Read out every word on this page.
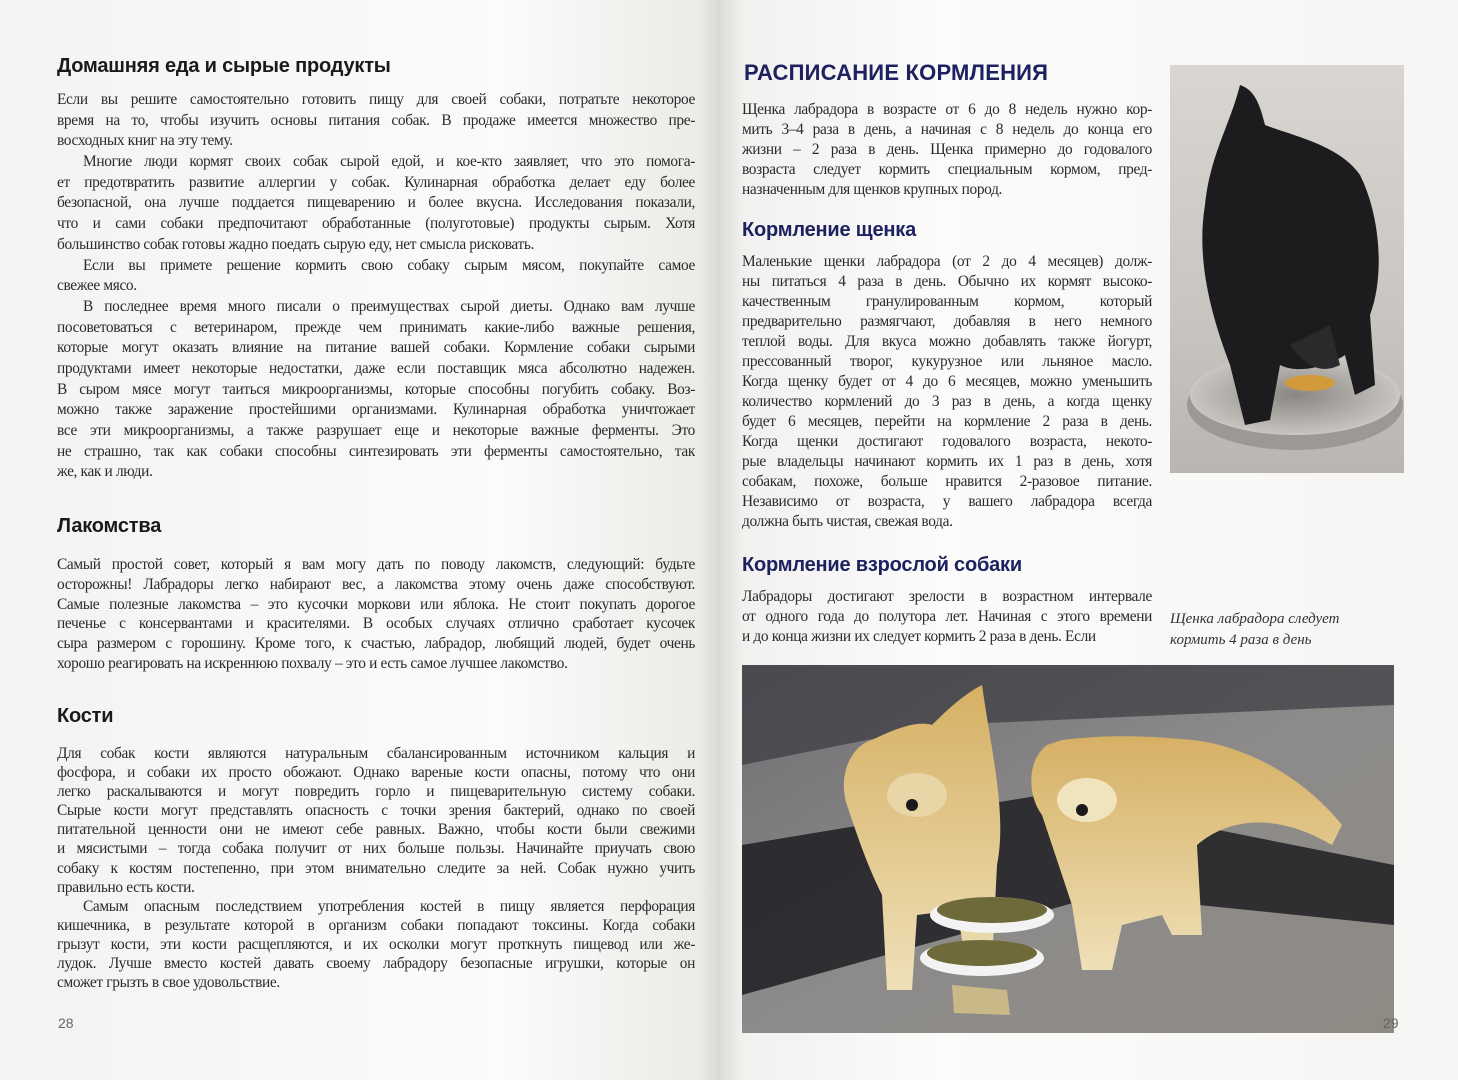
Домашняя еда и сырые продукты
Если вы решите самостоятельно готовить пищу для своей собаки, потратьте некоторое
время на то, чтобы изучить основы питания собак. В продаже имеется множество пре-
восходных книг на эту тему.
Многие люди кормят своих собак сырой едой, и кое-кто заявляет, что это помога-
ет предотвратить развитие аллергии у собак. Кулинарная обработка делает еду более
безопасной, она лучше поддается пищеварению и более вкусна. Исследования показали,
что и сами собаки предпочитают обработанные (полуготовые) продукты сырым. Хотя
большинство собак готовы жадно поедать сырую еду, нет смысла рисковать.
Если вы примете решение кормить свою собаку сырым мясом, покупайте самое
свежее мясо.
В последнее время много писали о преимуществах сырой диеты. Однако вам лучше
посоветоваться с ветеринаром, прежде чем принимать какие-либо важные решения,
которые могут оказать влияние на питание вашей собаки. Кормление собаки сырыми
продуктами имеет некоторые недостатки, даже если поставщик мяса абсолютно надежен.
В сыром мясе могут таиться микроорганизмы, которые способны погубить собаку. Воз-
можно также заражение простейшими организмами. Кулинарная обработка уничтожает
все эти микроорганизмы, а также разрушает еще и некоторые важные ферменты. Это
не страшно, так как собаки способны синтезировать эти ферменты самостоятельно, так
же, как и люди.
Лакомства
Самый простой совет, который я вам могу дать по поводу лакомств, следующий: будьте
осторожны! Лабрадоры легко набирают вес, а лакомства этому очень даже способствуют.
Самые полезные лакомства – это кусочки моркови или яблока. Не стоит покупать дорогое
печенье с консервантами и красителями. В особых случаях отлично сработает кусочек
сыра размером с горошину. Кроме того, к счастью, лабрадор, любящий людей, будет очень
хорошо реагировать на искреннюю похвалу – это и есть самое лучшее лакомство.
Кости
Для собак кости являются натуральным сбалансированным источником кальция и
фосфора, и собаки их просто обожают. Однако вареные кости опасны, потому что они
легко раскалываются и могут повредить горло и пищеварительную систему собаки.
Сырые кости могут представлять опасность с точки зрения бактерий, однако по своей
питательной ценности они не имеют себе равных. Важно, чтобы кости были свежими
и мясистыми – тогда собака получит от них больше пользы. Начинайте приучать свою
собаку к костям постепенно, при этом внимательно следите за ней. Собак нужно учить
правильно есть кости.
Самым опасным последствием употребления костей в пищу является перфорация
кишечника, в результате которой в организм собаки попадают токсины. Когда собаки
грызут кости, эти кости расщепляются, и их осколки могут проткнуть пищевод или же-
лудок. Лучше вместо костей давать своему лабрадору безопасные игрушки, которые он
сможет грызть в свое удовольствие.
28
РАСПИСАНИЕ КОРМЛЕНИЯ
Щенка лабрадора в возрасте от 6 до 8 недель нужно кор-
мить 3–4 раза в день, а начиная с 8 недель до конца его
жизни – 2 раза в день. Щенка примерно до годовалого
возраста следует кормить специальным кормом, пред-
назначенным для щенков крупных пород.
Кормление щенка
Маленькие щенки лабрадора (от 2 до 4 месяцев) долж-
ны питаться 4 раза в день. Обычно их кормят высоко-
качественным гранулированным кормом, который
предварительно размягчают, добавляя в него немного
теплой воды. Для вкуса можно добавлять также йогурт,
прессованный творог, кукурузное или льняное масло.
Когда щенку будет от 4 до 6 месяцев, можно уменьшить
количество кормлений до 3 раз в день, а когда щенку
будет 6 месяцев, перейти на кормление 2 раза в день.
Когда щенки достигают годовалого возраста, некото-
рые владельцы начинают кормить их 1 раз в день, хотя
собакам, похоже, больше нравится 2-разовое питание.
Независимо от возраста, у вашего лабрадора всегда
должна быть чистая, свежая вода.
Кормление взрослой собаки
Лабрадоры достигают зрелости в возрастном интервале
от одного года до полутора лет. Начиная с этого времени
и до конца жизни их следует кормить 2 раза в день. Если
Щенка лабрадора следует
кормить 4 раза в день
29
